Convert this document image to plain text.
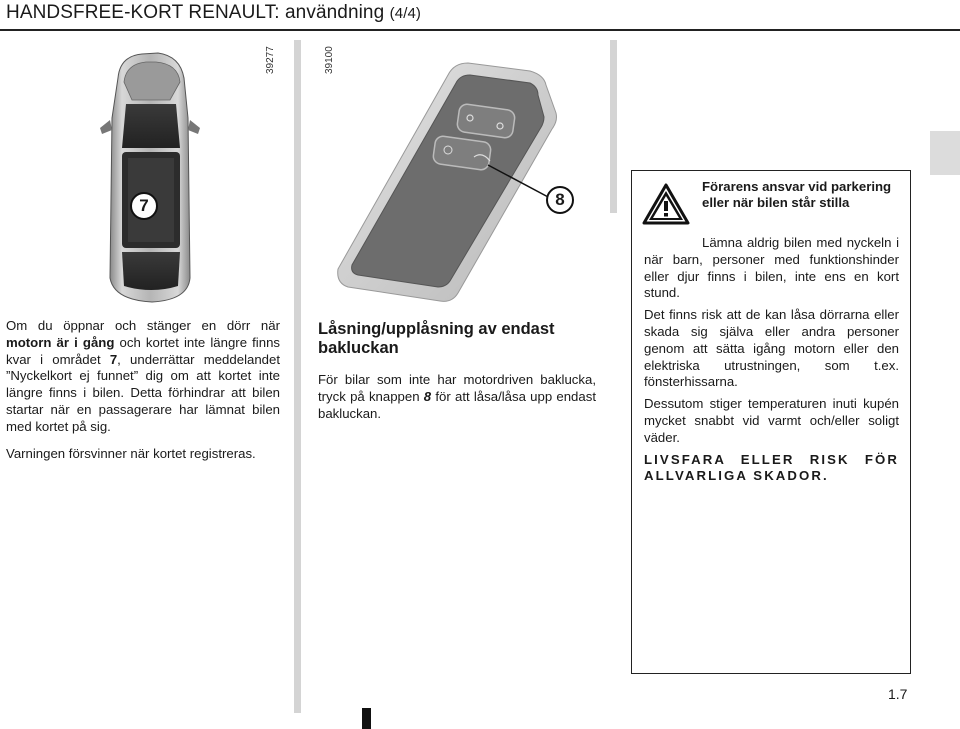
HANDSFREE-KORT RENAULT: användning (4/4)
7
39277	39100
8

Om du öppnar och stänger en dörr när motorn är i gång och kortet inte längre finns kvar i området 7, underrättar meddelandet ”Nyckelkort ej funnet” dig om att kortet inte längre finns i bilen. Detta förhindrar att bilen startar när en passagerare har lämnat bilen med kortet på sig.

Varningen försvinner när kortet registreras.

Låsning/upplåsning av endast bakluckan

För bilar som inte har motordriven baklucka, tryck på knappen 8 för att låsa/låsa upp endast bakluckan.

Förarens ansvar vid parkering eller när bilen står stilla

Lämna aldrig bilen med nyckeln i när barn, personer med funktionshinder eller djur finns i bilen, inte ens en kort stund.

Det finns risk att de kan låsa dörrarna eller skada sig själva eller andra personer genom att sätta igång motorn eller den elektriska utrustningen, som t.ex. fönsterhissarna.

Dessutom stiger temperaturen inuti kupén mycket snabbt vid varmt och/eller soligt väder.

LIVSFARA ELLER RISK FÖR ALLVARLIGA SKADOR.

1.7
